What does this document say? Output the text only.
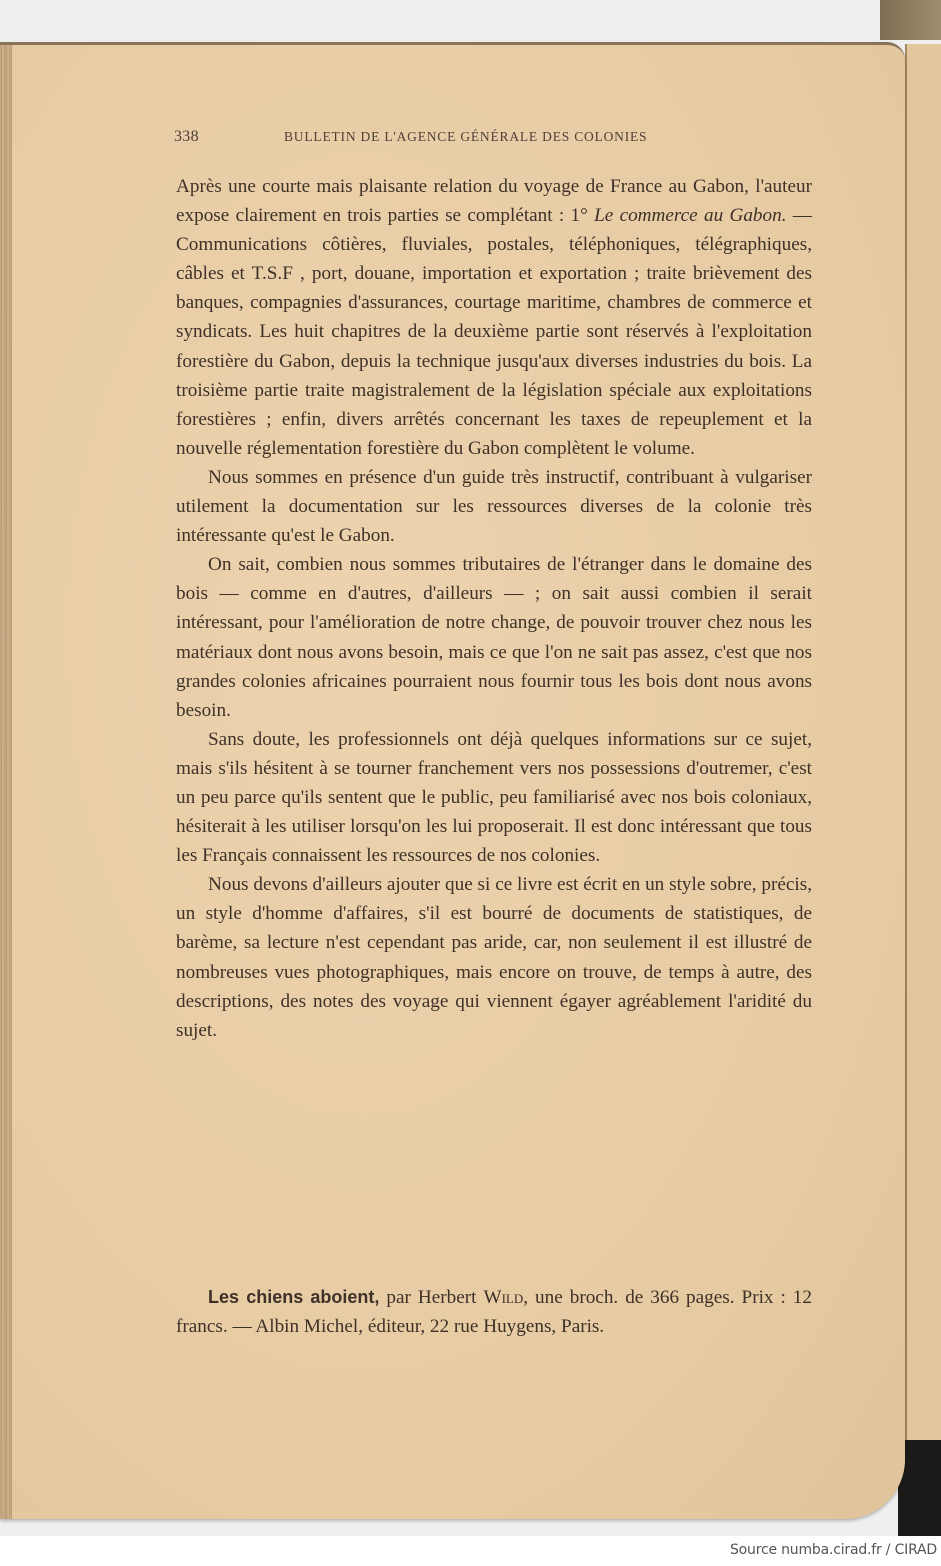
338	BULLETIN DE L'AGENCE GÉNÉRALE DES COLONIES

Après une courte mais plaisante relation du voyage de France au Gabon, l'auteur expose clairement en trois parties se complétant : 1° Le commerce au Gabon. — Communications côtières, fluviales, postales, téléphoniques, télégraphiques, câbles et T.S.F , port, douane, importation et exportation ; traite brièvement des banques, compagnies d'assurances, courtage maritime, chambres de commerce et syndicats. Les huit chapitres de la deuxième partie sont réservés à l'exploitation forestière du Gabon, depuis la technique jusqu'aux diverses industries du bois. La troisième partie traite magistralement de la législation spéciale aux exploitations forestières ; enfin, divers arrêtés concernant les taxes de repeuplement et la nouvelle réglementation forestière du Gabon complètent le volume.

Nous sommes en présence d'un guide très instructif, contribuant à vulgariser utilement la documentation sur les ressources diverses de la colonie très intéressante qu'est le Gabon.

On sait, combien nous sommes tributaires de l'étranger dans le domaine des bois — comme en d'autres, d'ailleurs — ; on sait aussi combien il serait intéressant, pour l'amélioration de notre change, de pouvoir trouver chez nous les matériaux dont nous avons besoin, mais ce que l'on ne sait pas assez, c'est que nos grandes colonies africaines pourraient nous fournir tous les bois dont nous avons besoin.

Sans doute, les professionnels ont déjà quelques informations sur ce sujet, mais s'ils hésitent à se tourner franchement vers nos possessions d'outremer, c'est un peu parce qu'ils sentent que le public, peu familiarisé avec nos bois coloniaux, hésiterait à les utiliser lorsqu'on les lui proposerait. Il est donc intéressant que tous les Français connaissent les ressources de nos colonies.

Nous devons d'ailleurs ajouter que si ce livre est écrit en un style sobre, précis, un style d'homme d'affaires, s'il est bourré de documents de statistiques, de barème, sa lecture n'est cependant pas aride, car, non seulement il est illustré de nombreuses vues photographiques, mais encore on trouve, de temps à autre, des descriptions, des notes des voyage qui viennent égayer agréablement l'aridité du sujet.

Les chiens aboient, par Herbert Wild, une broch. de 366 pages. Prix : 12 francs. — Albin Michel, éditeur, 22 rue Huygens, Paris.
Source numba.cirad.fr / CIRAD
